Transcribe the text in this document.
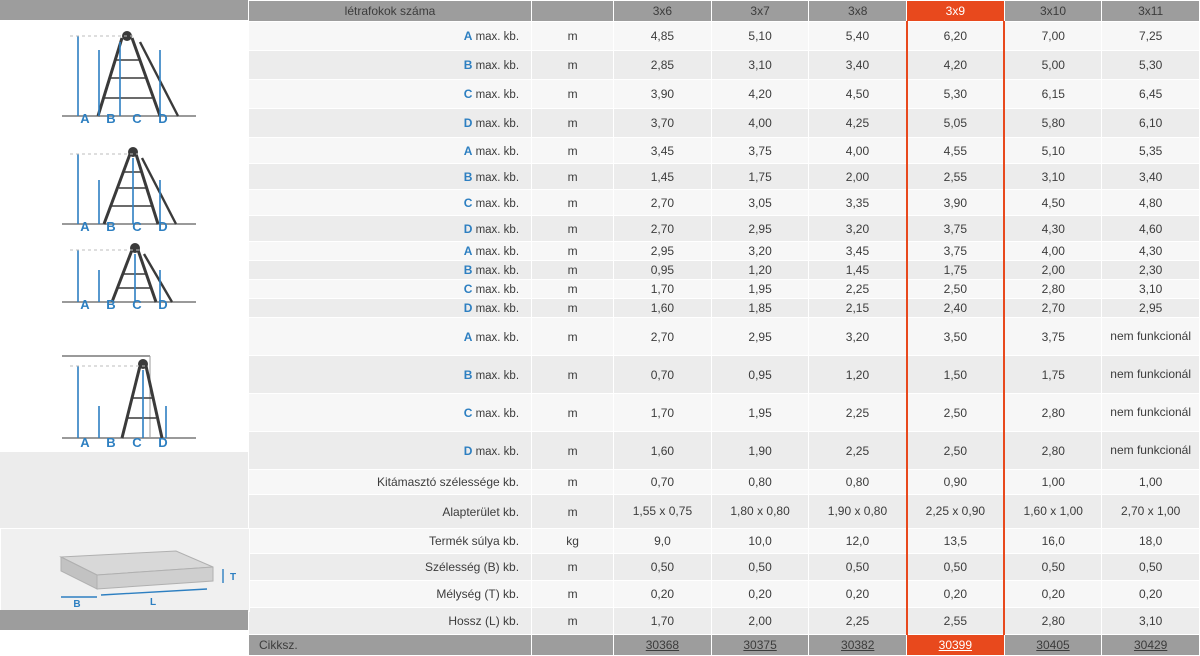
A B C D
A B C D
A B C D
A B C D
B	L
T
létrafokok száma		3x6	3x7	3x8	3x9	3x10	3x11
A max. kb.	m	4,85	5,10	5,40	6,20	7,00	7,25
B max. kb.	m	2,85	3,10	3,40	4,20	5,00	5,30
C max. kb.	m	3,90	4,20	4,50	5,30	6,15	6,45
D max. kb.	m	3,70	4,00	4,25	5,05	5,80	6,10
A max. kb.	m	3,45	3,75	4,00	4,55	5,10	5,35
B max. kb.	m	1,45	1,75	2,00	2,55	3,10	3,40
C max. kb.	m	2,70	3,05	3,35	3,90	4,50	4,80
D max. kb.	m	2,70	2,95	3,20	3,75	4,30	4,60
A max. kb.	m	2,95	3,20	3,45	3,75	4,00	4,30
B max. kb.	m	0,95	1,20	1,45	1,75	2,00	2,30
C max. kb.	m	1,70	1,95	2,25	2,50	2,80	3,10
D max. kb.	m	1,60	1,85	2,15	2,40	2,70	2,95
A max. kb.	m	2,70	2,95	3,20	3,50	3,75	nem funkcionál
B max. kb.	m	0,70	0,95	1,20	1,50	1,75	nem funkcionál
C max. kb.	m	1,70	1,95	2,25	2,50	2,80	nem funkcionál
D max. kb.	m	1,60	1,90	2,25	2,50	2,80	nem funkcionál
Kitámasztó szélessége kb.	m	0,70	0,80	0,80	0,90	1,00	1,00
Alapterület kb.	m	1,55 x 0,75	1,80 x 0,80	1,90 x 0,80	2,25 x 0,90	1,60 x 1,00	2,70 x 1,00
Termék súlya kb.	kg	9,0	10,0	12,0	13,5	16,0	18,0
Szélesség (B) kb.	m	0,50	0,50	0,50	0,50	0,50	0,50
Mélység (T) kb.	m	0,20	0,20	0,20	0,20	0,20	0,20
Hossz (L) kb.	m	1,70	2,00	2,25	2,55	2,80	3,10
Cikksz.		30368	30375	30382	30399	30405	30429
